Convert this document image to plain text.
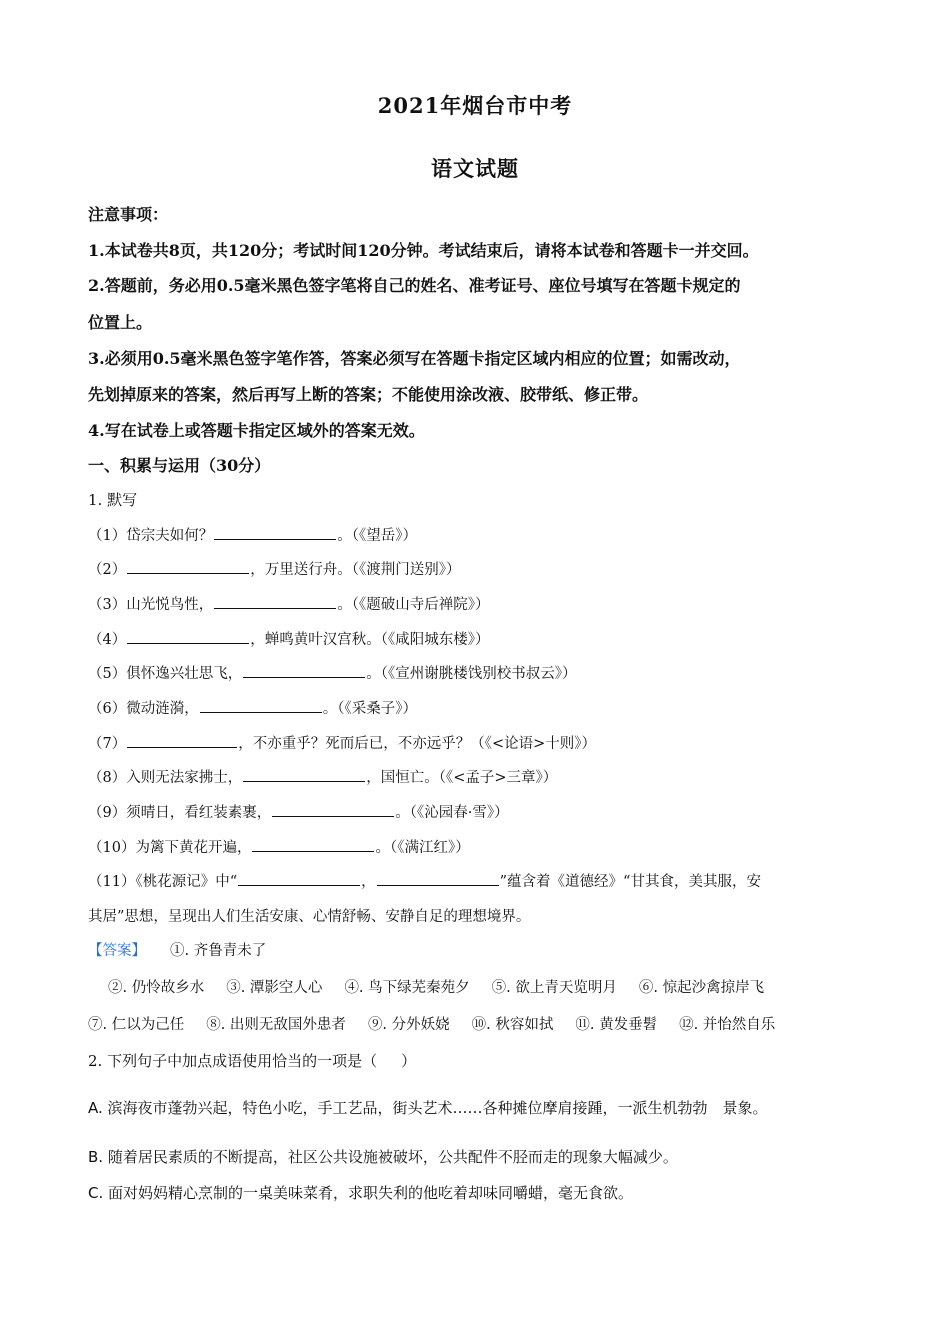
2021年烟台市中考
语文试题
注意事项：
1.本试卷共8页，共120分；考试时间120分钟。考试结束后，请将本试卷和答题卡一并交回。
2.答题前，务必用0.5毫米黑色签字笔将自己的姓名、准考证号、座位号填写在答题卡规定的
位置上。
3.必须用0.5毫米黑色签字笔作答，答案必须写在答题卡指定区域内相应的位置；如需改动，
先划掉原来的答案，然后再写上断的答案；不能使用涂改液、胶带纸、修正带。
4.写在试卷上或答题卡指定区域外的答案无效。
一、积累与运用（30分）
1. 默写
（1）岱宗夫如何？	。（《望岳》）
（2）	，万里送行舟。（《渡荆门送别》）
（3）山光悦鸟性，	。（《题破山寺后禅院》）
（4）	，蝉鸣黄叶汉宫秋。（《咸阳城东楼》）
（5）俱怀逸兴壮思飞，	。（《宣州谢朓楼饯别校书叔云》）
（6）微动涟漪，	。（《采桑子》）
（7）	，不亦重乎？死而后已，不亦远乎？（《<论语>十则》）
（8）入则无法家拂士，	，国恒亡。（《<孟子>三章》）
（9）须晴日，看红装素裹，	。（《沁园春·雪》）
（10）为篱下黄花开遍，	。（《满江红》）
（11）《桃花源记》中“	，	”蕴含着《道德经》“甘其食，美其服，安
其居”思想，呈现出人们生活安康、心情舒畅、安静自足的理想境界。
【答案】 ①. 齐鲁青未了
②. 仍怜故乡水 ③. 潭影空人心 ④. 鸟下绿芜秦苑夕 ⑤. 欲上青天览明月 ⑥. 惊起沙禽掠岸飞
⑦. 仁以为己任 ⑧. 出则无敌国外患者 ⑨. 分外妖娆 ⑩. 秋容如拭 ⑪. 黄发垂髫 ⑫. 并怡然自乐
2. 下列句子中加点成语使用恰当的一项是（ ）
A. 滨海夜市蓬勃兴起，特色小吃，手工艺品，街头艺术……各种摊位摩肩接踵，一派生机勃勃　景象。
B. 随着居民素质的不断提高，社区公共设施被破坏，公共配件不胫而走的现象大幅减少。
C. 面对妈妈精心烹制的一桌美味菜肴，求职失利的他吃着却味同嚼蜡，毫无食欲。
